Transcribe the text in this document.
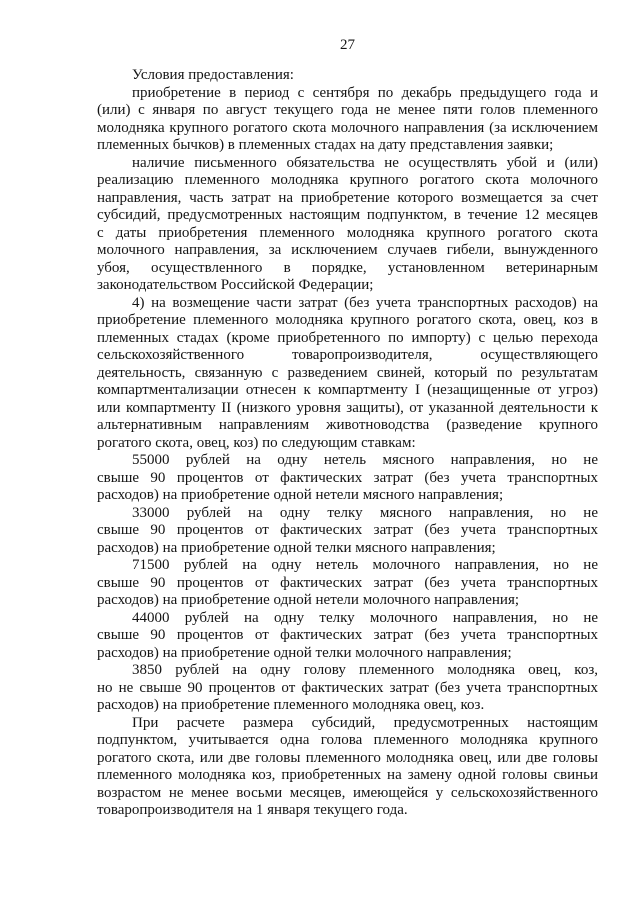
27
Условия предоставления:
приобретение в период с сентября по декабрь предыдущего года и
(или) с января по август текущего года не менее пяти голов племенного
молодняка крупного рогатого скота молочного направления (за исключением
племенных бычков) в племенных стадах на дату представления заявки;
наличие письменного обязательства не осуществлять убой и (или)
реализацию племенного молодняка крупного рогатого скота молочного
направления, часть затрат на приобретение которого возмещается за счет
субсидий, предусмотренных настоящим подпунктом, в течение 12 месяцев
с даты приобретения племенного молодняка крупного рогатого скота
молочного направления, за исключением случаев гибели, вынужденного
убоя, осуществленного в порядке, установленном ветеринарным
законодательством Российской Федерации;
4) на возмещение части затрат (без учета транспортных расходов) на
приобретение племенного молодняка крупного рогатого скота, овец, коз в
племенных стадах (кроме приобретенного по импорту) с целью перехода
сельскохозяйственного товаропроизводителя, осуществляющего
деятельность, связанную с разведением свиней, который по результатам
компартментализации отнесен к компартменту I (незащищенные от угроз)
или компартменту II (низкого уровня защиты), от указанной деятельности к
альтернативным направлениям животноводства (разведение крупного
рогатого скота, овец, коз) по следующим ставкам:
55000 рублей на одну нетель мясного направления, но не
свыше 90 процентов от фактических затрат (без учета транспортных
расходов) на приобретение одной нетели мясного направления;
33000 рублей на одну телку мясного направления, но не
свыше 90 процентов от фактических затрат (без учета транспортных
расходов) на приобретение одной телки мясного направления;
71500 рублей на одну нетель молочного направления, но не
свыше 90 процентов от фактических затрат (без учета транспортных
расходов) на приобретение одной нетели молочного направления;
44000 рублей на одну телку молочного направления, но не
свыше 90 процентов от фактических затрат (без учета транспортных
расходов) на приобретение одной телки молочного направления;
3850 рублей на одну голову племенного молодняка овец, коз,
но не свыше 90 процентов от фактических затрат (без учета транспортных
расходов) на приобретение племенного молодняка овец, коз.
При расчете размера субсидий, предусмотренных настоящим
подпунктом, учитывается одна голова племенного молодняка крупного
рогатого скота, или две головы племенного молодняка овец, или две головы
племенного молодняка коз, приобретенных на замену одной головы свиньи
возрастом не менее восьми месяцев, имеющейся у сельскохозяйственного
товаропроизводителя на 1 января текущего года.
